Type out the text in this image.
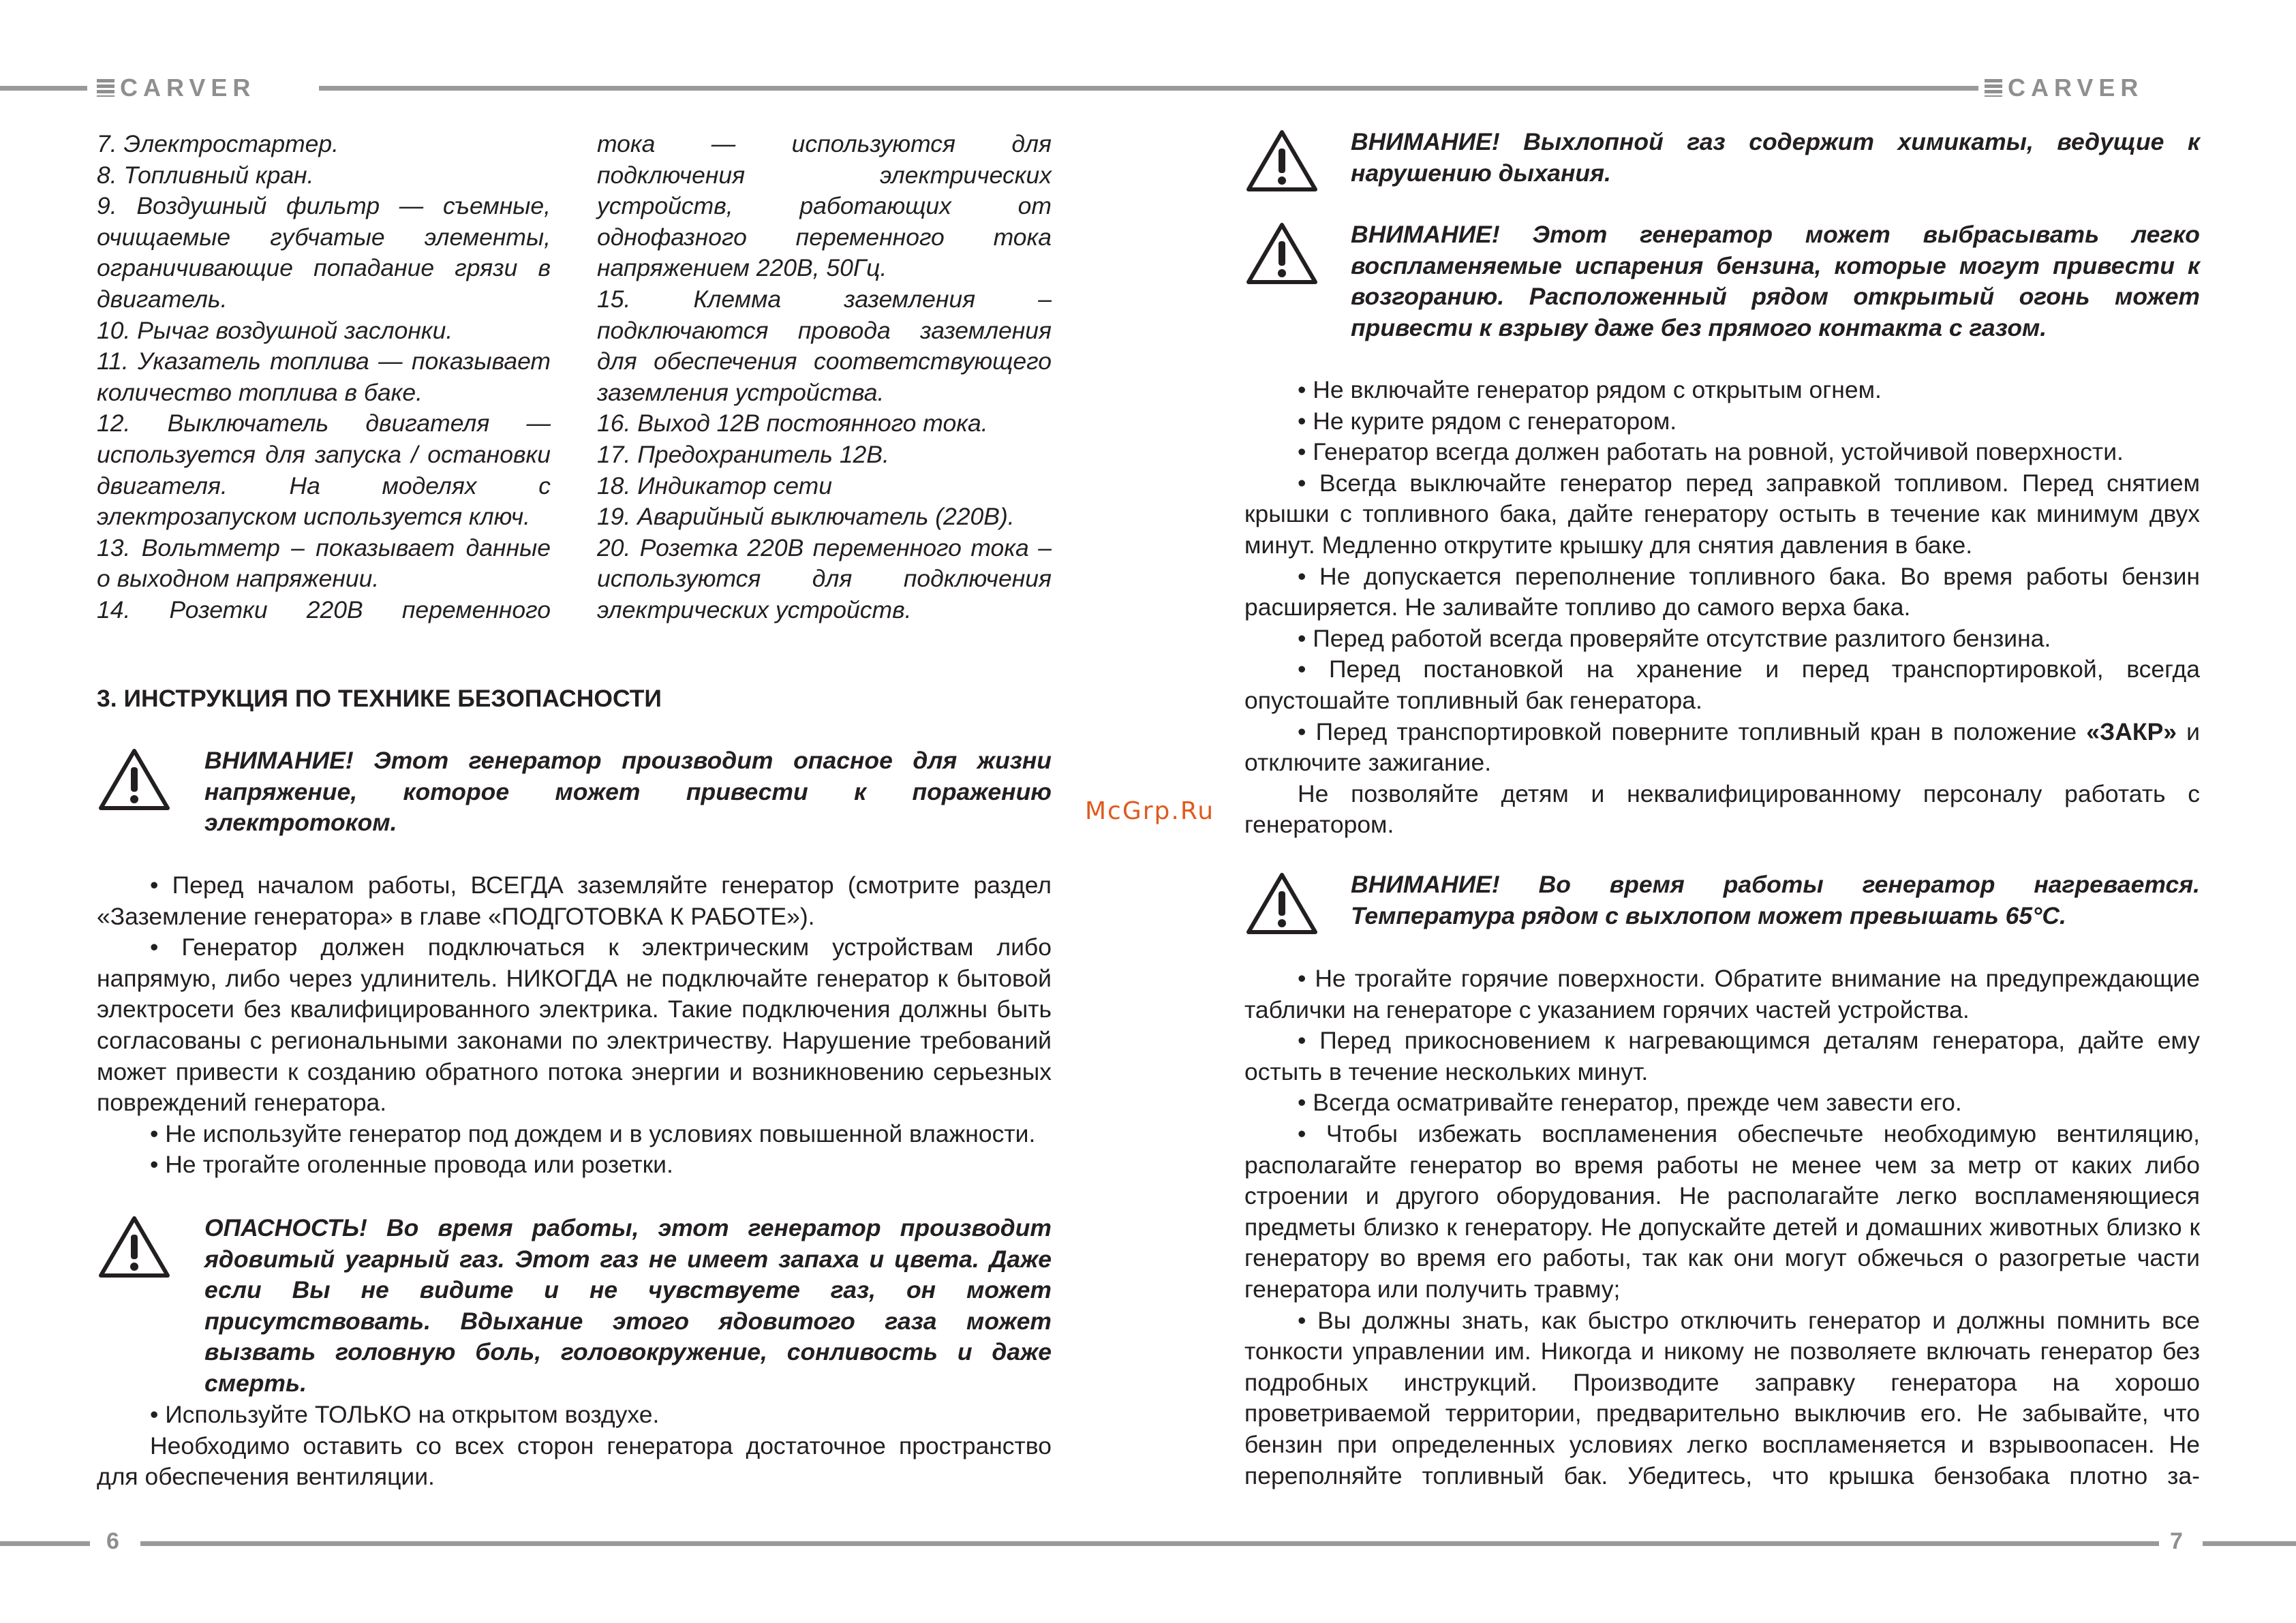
CARVER	CARVER

7. Электростартер.

8. Топливный кран.

9. Воздушный фильтр — съемные, очищаемые губчатые элементы, ограничивающие попадание грязи в двигатель.

10. Рычаг воздушной заслонки.

11. Указатель топлива — показывает количество топлива в баке.

12. Выключатель двигателя — используется для запуска / остановки двигателя. На моделях с электрозапуском используется ключ.

13. Вольтметр – показывает данные о выходном напряжении.

14. Розетки 220В переменного

тока — используются для подключения электрических устройств, работающих от однофазного переменного тока напряжением 220В, 50Гц.

15. Клемма заземления – подключаются провода заземления для обеспечения соответствующего заземления устройства.

16. Выход 12В постоянного тока.

17. Предохранитель 12В.

18. Индикатор сети

19. Аварийный выключатель (220В).

20. Розетка 220В переменного тока – используются для подключения электрических устройств.

3. ИНСТРУКЦИЯ ПО ТЕХНИКЕ БЕЗОПАСНОСТИ
ВНИМАНИЕ! Этот генератор производит опасное для жизни напряжение, которое может привести к поражению электротоком.

• Перед началом работы, ВСЕГДА заземляйте генератор (смотрите раздел «Заземление генератора» в главе «ПОДГОТОВКА К РАБОТЕ»).

• Генератор должен подключаться к электрическим устройствам либо напрямую, либо через удлинитель. НИКОГДА не подключайте генератор к бытовой электросети без квалифицированного электрика. Такие подключения должны быть согласованы с региональными законами по электричеству. Нарушение требований может привести к созданию обратного потока энергии и возникновению серьезных повреждений генератора.

• Не используйте генератор под дождем и в условиях повышенной влажности.

• Не трогайте оголенные провода или розетки.

ОПАСНОСТЬ! Во время работы, этот генератор производит ядовитый угарный газ. Этот газ не имеет запаха и цвета. Даже если Вы не видите и не чувствуете газ, он может присутствовать. Вдыхание этого ядовитого газа может вызвать головную боль, головокружение, сонливость и даже смерть.

• Используйте ТОЛЬКО на открытом воздухе.

Необходимо оставить со всех сторон генератора достаточное пространство для обеспечения вентиляции.

McGrp.Ru
ВНИМАНИЕ! Выхлопной газ содержит химикаты, ведущие к нарушению дыхания.
ВНИМАНИЕ! Этот генератор может выбрасывать легко воспламеняемые испарения бензина, которые могут привести к возгоранию. Расположенный рядом открытый огонь может привести к взрыву даже без прямого контакта с газом.

• Не включайте генератор рядом с открытым огнем.

• Не курите рядом с генератором.

• Генератор всегда должен работать на ровной, устойчивой поверхности.

• Всегда выключайте генератор перед заправкой топливом. Перед снятием крышки с топливного бака, дайте генератору остыть в течение как минимум двух минут. Медленно открутите крышку для снятия давления в баке.

• Не допускается переполнение топливного бака. Во время работы бензин расширяется. Не заливайте топливо до самого верха бака.

• Перед работой всегда проверяйте отсутствие разлитого бензина.

• Перед постановкой на хранение и перед транспортировкой, всегда опустошайте топливный бак генератора.

• Перед транспортировкой поверните топливный кран в положение «ЗАКР» и отключите зажигание.

Не позволяйте детям и неквалифицированному персоналу работать с генератором.

ВНИМАНИЕ! Во время работы генератор нагревается. Температура рядом с выхлопом может превышать 65°С.

• Не трогайте горячие поверхности. Обратите внимание на предупреждающие таблички на генераторе с указанием горячих частей устройства.

• Перед прикосновением к нагревающимся деталям генератора, дайте ему остыть в течение нескольких минут.

• Всегда осматривайте генератор, прежде чем завести его.

• Чтобы избежать воспламенения обеспечьте необходимую вентиляцию, располагайте генератор во время работы не менее чем за метр от каких либо строении и другого оборудования. Не располагайте легко воспламеняющиеся предметы близко к генератору. Не допускайте детей и домашних животных близко к генератору во время его работы, так как они могут обжечься о разогретые части генератора или получить травму;

• Вы должны знать, как быстро отключить генератор и должны помнить все тонкости управлении им. Никогда и никому не позволяете включать генератор без подробных инструкций. Производите заправку генератора на хорошо проветриваемой территории, предварительно выключив его. Не забывайте, что бензин при определенных условиях легко воспламеняется и взрывоопасен. Не переполняйте топливный бак. Убедитесь, что крышка бензобака плотно за-

6	7
